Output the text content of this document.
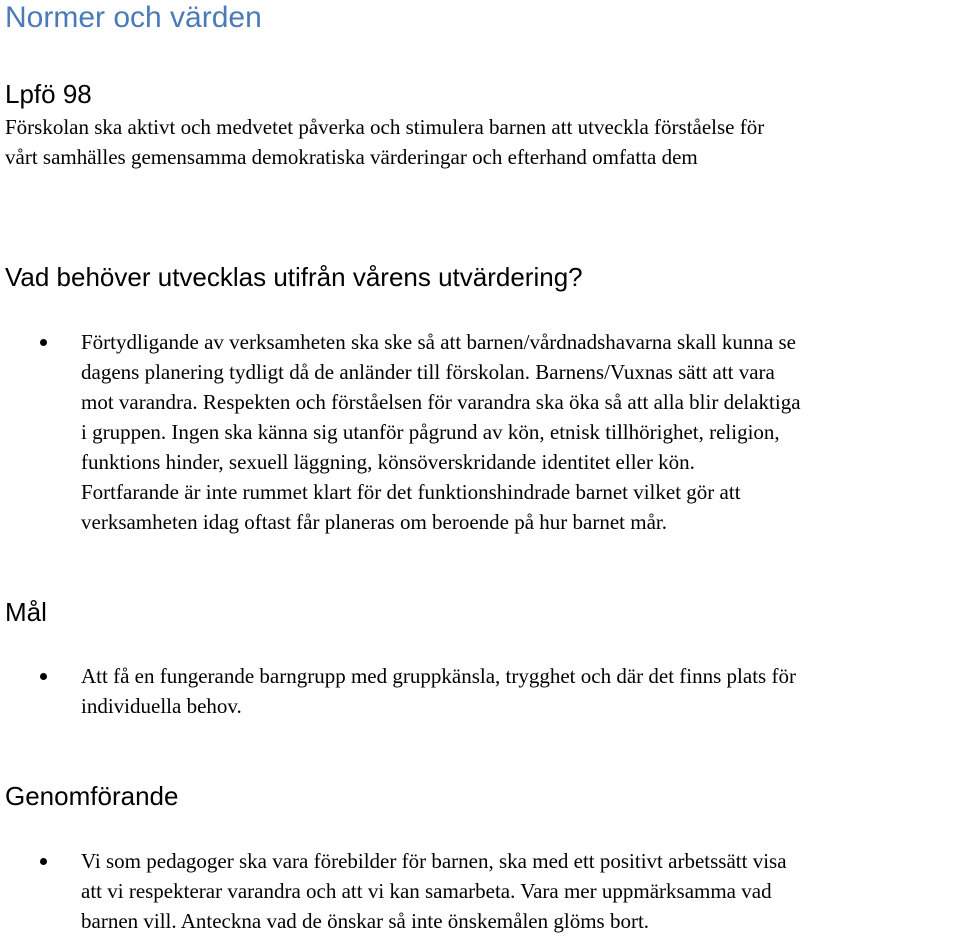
Normer och värden
Lpfö 98

Förskolan ska aktivt och medvetet påverka och stimulera barnen att utveckla förståelse för
vårt samhälles gemensamma demokratiska värderingar och efterhand omfatta dem

Vad behöver utvecklas utifrån vårens utvärdering?
Förtydligande av verksamheten ska ske så att barnen/vårdnadshavarna skall kunna se
dagens planering tydligt då de anländer till förskolan. Barnens/Vuxnas sätt att vara
mot varandra. Respekten och förståelsen för varandra ska öka så att alla blir delaktiga
i gruppen. Ingen ska känna sig utanför pågrund av kön, etnisk tillhörighet, religion,
funktions hinder, sexuell läggning, könsöverskridande identitet eller kön.
Fortfarande är inte rummet klart för det funktionshindrade barnet vilket gör att
verksamheten idag oftast får planeras om beroende på hur barnet mår.
Mål
Att få en fungerande barngrupp med gruppkänsla, trygghet och där det finns plats för
individuella behov.
Genomförande
Vi som pedagoger ska vara förebilder för barnen, ska med ett positivt arbetssätt visa
att vi respekterar varandra och att vi kan samarbeta. Vara mer uppmärksamma vad
barnen vill. Anteckna vad de önskar så inte önskemålen glöms bort.
